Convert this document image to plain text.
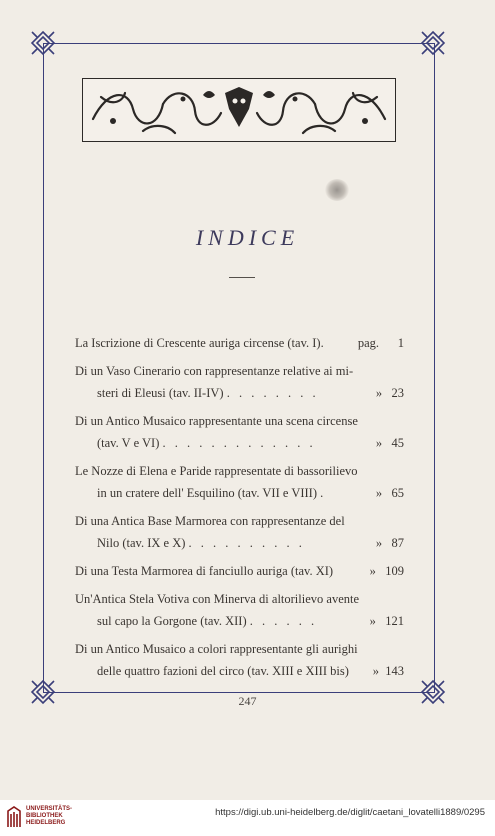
INDICE
La Iscrizione di Crescente auriga circense (tav. I).	pag. 1
Di un Vaso Cinerario con rappresentanze relative ai mi-
steri di Eleusi (tav. II-IV) . . . . . . . .	» 23
Di un Antico Musaico rappresentante una scena circense
(tav. V e VI) . . . . . . . . . . . . .	» 45
Le Nozze di Elena e Paride rappresentate di bassorilievo
in un cratere dell' Esquilino (tav. VII e VIII) .	» 65
Di una Antica Base Marmorea con rappresentanze del
Nilo (tav. IX e X) . . . . . . . . . .	» 87
Di una Testa Marmorea di fanciullo auriga (tav. XI)	» 109
Un'Antica Stela Votiva con Minerva di altorilievo avente
sul capo la Gorgone (tav. XII) . . . . . .	» 121
Di un Antico Musaico a colori rappresentante gli aurighi
delle quattro fazioni del circo (tav. XIII e XIII bis)	» 143
247
UNIVERSITÄTS-
BIBLIOTHEK
HEIDELBERG
https://digi.ub.uni-heidelberg.de/diglit/caetani_lovatelli1889/0295
